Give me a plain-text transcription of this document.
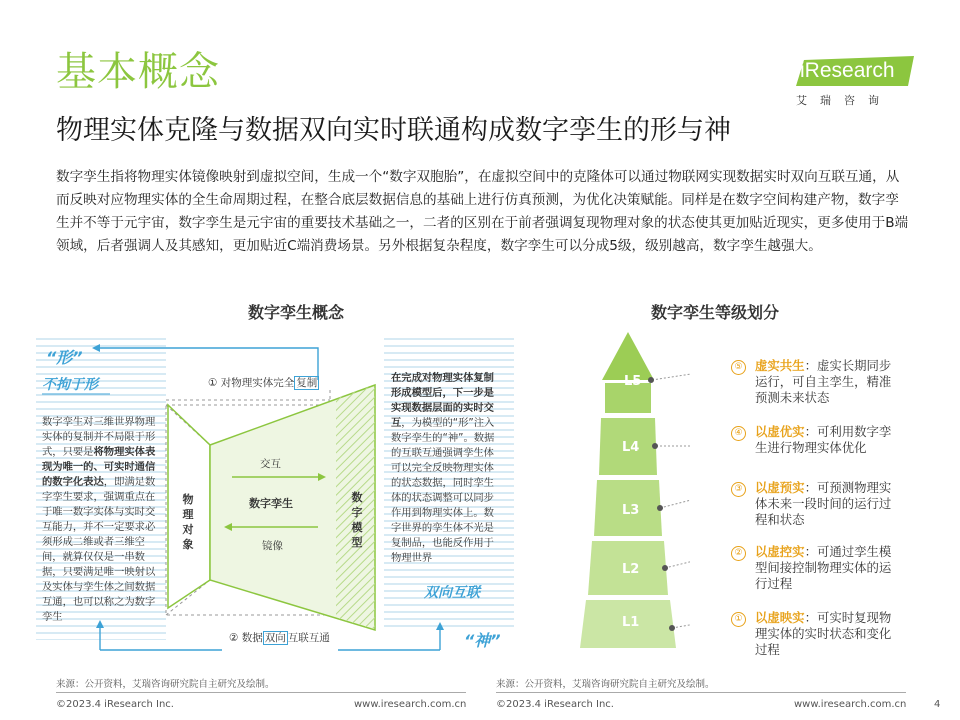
基本概念
物理实体克隆与数据双向实时联通构成数字孪生的形与神
iResearch
艾瑞咨询
数字孪生指将物理实体镜像映射到虚拟空间，生成一个“数字双胞胎”，在虚拟空间中的克隆体可以通过物联网实现数据实时双向互联互通，从而反映对应物理实体的全生命周期过程，在整合底层数据信息的基础上进行仿真预测，为优化决策赋能。同样是在数字空间构建产物，数字孪生并不等于元宇宙，数字孪生是元宇宙的重要技术基础之一，二者的区别在于前者强调复现物理对象的状态使其更加贴近现实，更多使用于B端领域，后者强调人及其感知，更加贴近C端消费场景。另外根据复杂程度，数字孪生可以分成5级，级别越高，数字孪生越强大。
数字孪生概念
“形”
不拘于形
数字孪生对三维世界物理实体的复制并不局限于形式，只要是将物理实体表现为唯一的、可实时通信的数字化表达，即满足数字孪生要求，强调重点在于唯一数字实体与实时交互能力，并不一定要求必须形成二维或者三维空间，就算仅仅是一串数据，只要满足唯一映射以及实体与孪生体之间数据互通，也可以称之为数字孪生
① 对物理实体完全 复制
物理对象
数字模型
交互
数字孪生
镜像
在完成对物理实体复制形成模型后，下一步是实现数据层面的实时交互，为模型的“形”注入数字孪生的“神”。数据的互联互通强调孪生体可以完全反映物理实体的状态数据，同时孪生体的状态调整可以同步作用到物理实体上。数字世界的孪生体不光是复制品，也能反作用于物理世界
双向互联
“神”
② 数据 双向 互联互通
数字孪生等级划分
L5
L4
L3
L2
L1
⑤ 虚实共生：虚实长期同步运行，可自主孪生，精准预测未来状态
④ 以虚优实：可利用数字孪生进行物理实体优化
③ 以虚预实：可预测物理实体未来一段时间的运行过程和状态
② 以虚控实：可通过孪生模型间接控制物理实体的运行过程
① 以虚映实：可实时复现物理实体的实时状态和变化过程
来源：公开资料，艾瑞咨询研究院自主研究及绘制。	来源：公开资料，艾瑞咨询研究院自主研究及绘制。
©2023.4 iResearch Inc.	www.iresearch.com.cn	©2023.4 iResearch Inc.	www.iresearch.com.cn	4
